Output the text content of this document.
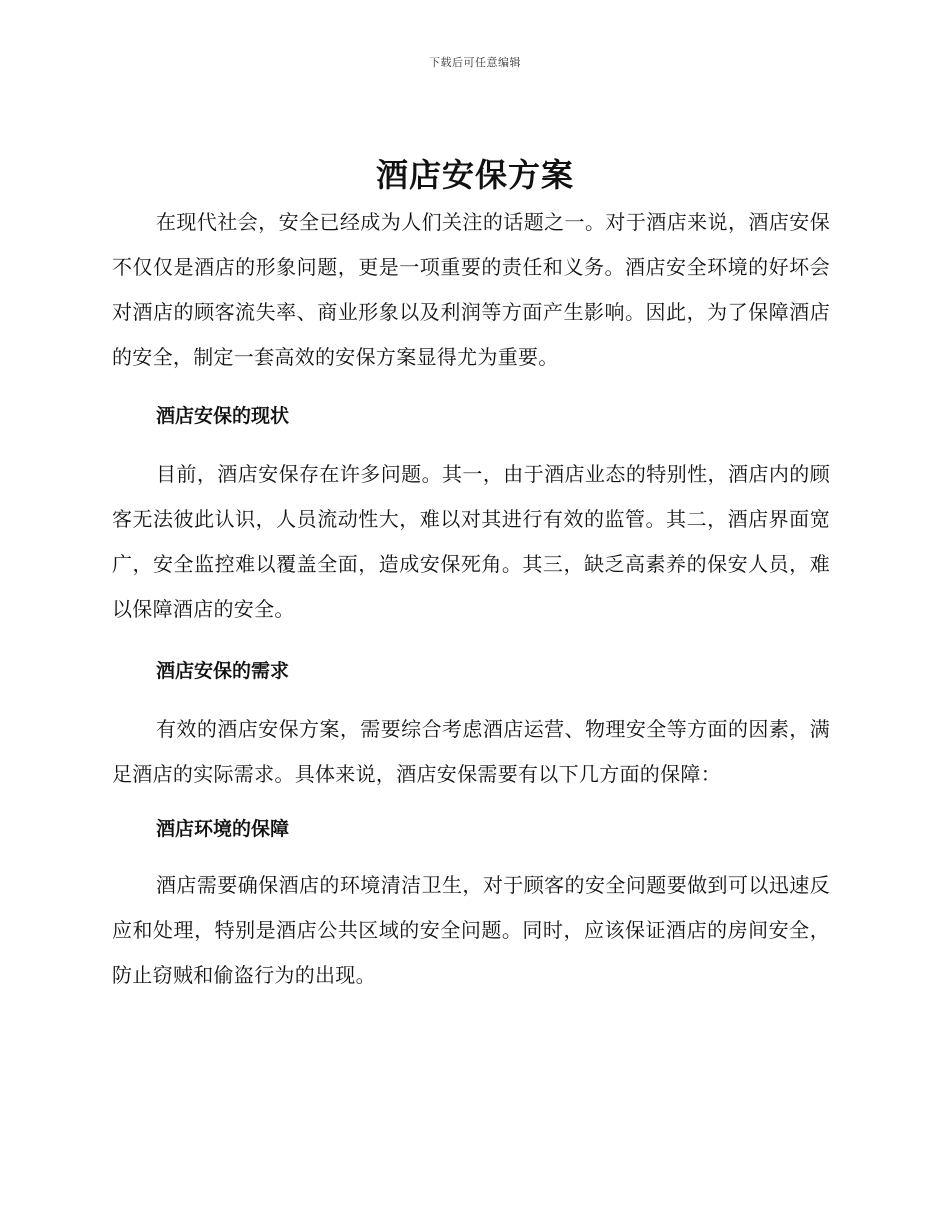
下载后可任意编辑
酒店安保方案

在现代社会，安全已经成为人们关注的话题之一。对于酒店来说，酒店安保不仅仅是酒店的形象问题，更是一项重要的责任和义务。酒店安全环境的好坏会对酒店的顾客流失率、商业形象以及利润等方面产生影响。因此，为了保障酒店的安全，制定一套高效的安保方案显得尤为重要。

酒店安保的现状

目前，酒店安保存在许多问题。其一，由于酒店业态的特别性，酒店内的顾客无法彼此认识，人员流动性大，难以对其进行有效的监管。其二，酒店界面宽广，安全监控难以覆盖全面，造成安保死角。其三，缺乏高素养的保安人员，难以保障酒店的安全。

酒店安保的需求

有效的酒店安保方案，需要综合考虑酒店运营、物理安全等方面的因素，满足酒店的实际需求。具体来说，酒店安保需要有以下几方面的保障：

酒店环境的保障

酒店需要确保酒店的环境清洁卫生，对于顾客的安全问题要做到可以迅速反应和处理，特别是酒店公共区域的安全问题。同时，应该保证酒店的房间安全，防止窃贼和偷盗行为的出现。
